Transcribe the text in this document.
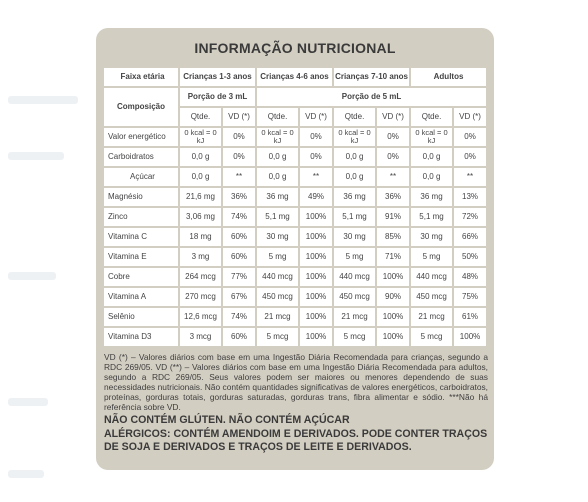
INFORMAÇÃO NUTRICIONAL
Faixa etária	Crianças 1-3 anos		Crianças 4-6 anos		Crianças 7-10 anos		Adultos	
Composição	Porção de 3 mL		Porção de 5 mL					
	Qtde.	VD (*)	Qtde.	VD (*)	Qtde.	VD (*)	Qtde.	VD (*)
Valor energético	0 kcal = 0 kJ	0%	0 kcal = 0 kJ	0%	0 kcal = 0 kJ	0%	0 kcal = 0 kJ	0%
Carboidratos	0,0 g	0%	0,0 g	0%	0,0 g	0%	0,0 g	0%
Açúcar	0,0 g	**	0,0 g	**	0,0 g	**	0,0 g	**
Magnésio	21,6 mg	36%	36 mg	49%	36 mg	36%	36 mg	13%
Zinco	3,06 mg	74%	5,1 mg	100%	5,1 mg	91%	5,1 mg	72%
Vitamina C	18 mg	60%	30 mg	100%	30 mg	85%	30 mg	66%
Vitamina E	3 mg	60%	5 mg	100%	5 mg	71%	5 mg	50%
Cobre	264 mcg	77%	440 mcg	100%	440 mcg	100%	440 mcg	48%
Vitamina A	270 mcg	67%	450 mcg	100%	450 mcg	90%	450 mcg	75%
Selênio	12,6 mcg	74%	21 mcg	100%	21 mcg	100%	21 mcg	61%
Vitamina D3	3 mcg	60%	5 mcg	100%	5 mcg	100%	5 mcg	100%
VD (*) – Valores diários com base em uma Ingestão Diária Recomendada para crianças, segundo a RDC 269/05. VD (**) – Valores diários com base em uma Ingestão Diária Recomendada para adultos, segundo a RDC 269/05. Seus valores podem ser maiores ou menores dependendo de suas necessidades nutricionais. Não contém quantidades significativas de valores energéticos, carboidratos, proteínas, gorduras totais, gorduras saturadas, gorduras trans, fibra alimentar e sódio. ***Não há referência sobre VD.
NÃO CONTÉM GLÚTEN. NÃO CONTÉM AÇÚCAR
ALÉRGICOS: CONTÉM AMENDOIM E DERIVADOS. PODE CONTER TRAÇOS DE SOJA E DERIVADOS E TRAÇOS DE LEITE E DERIVADOS.
